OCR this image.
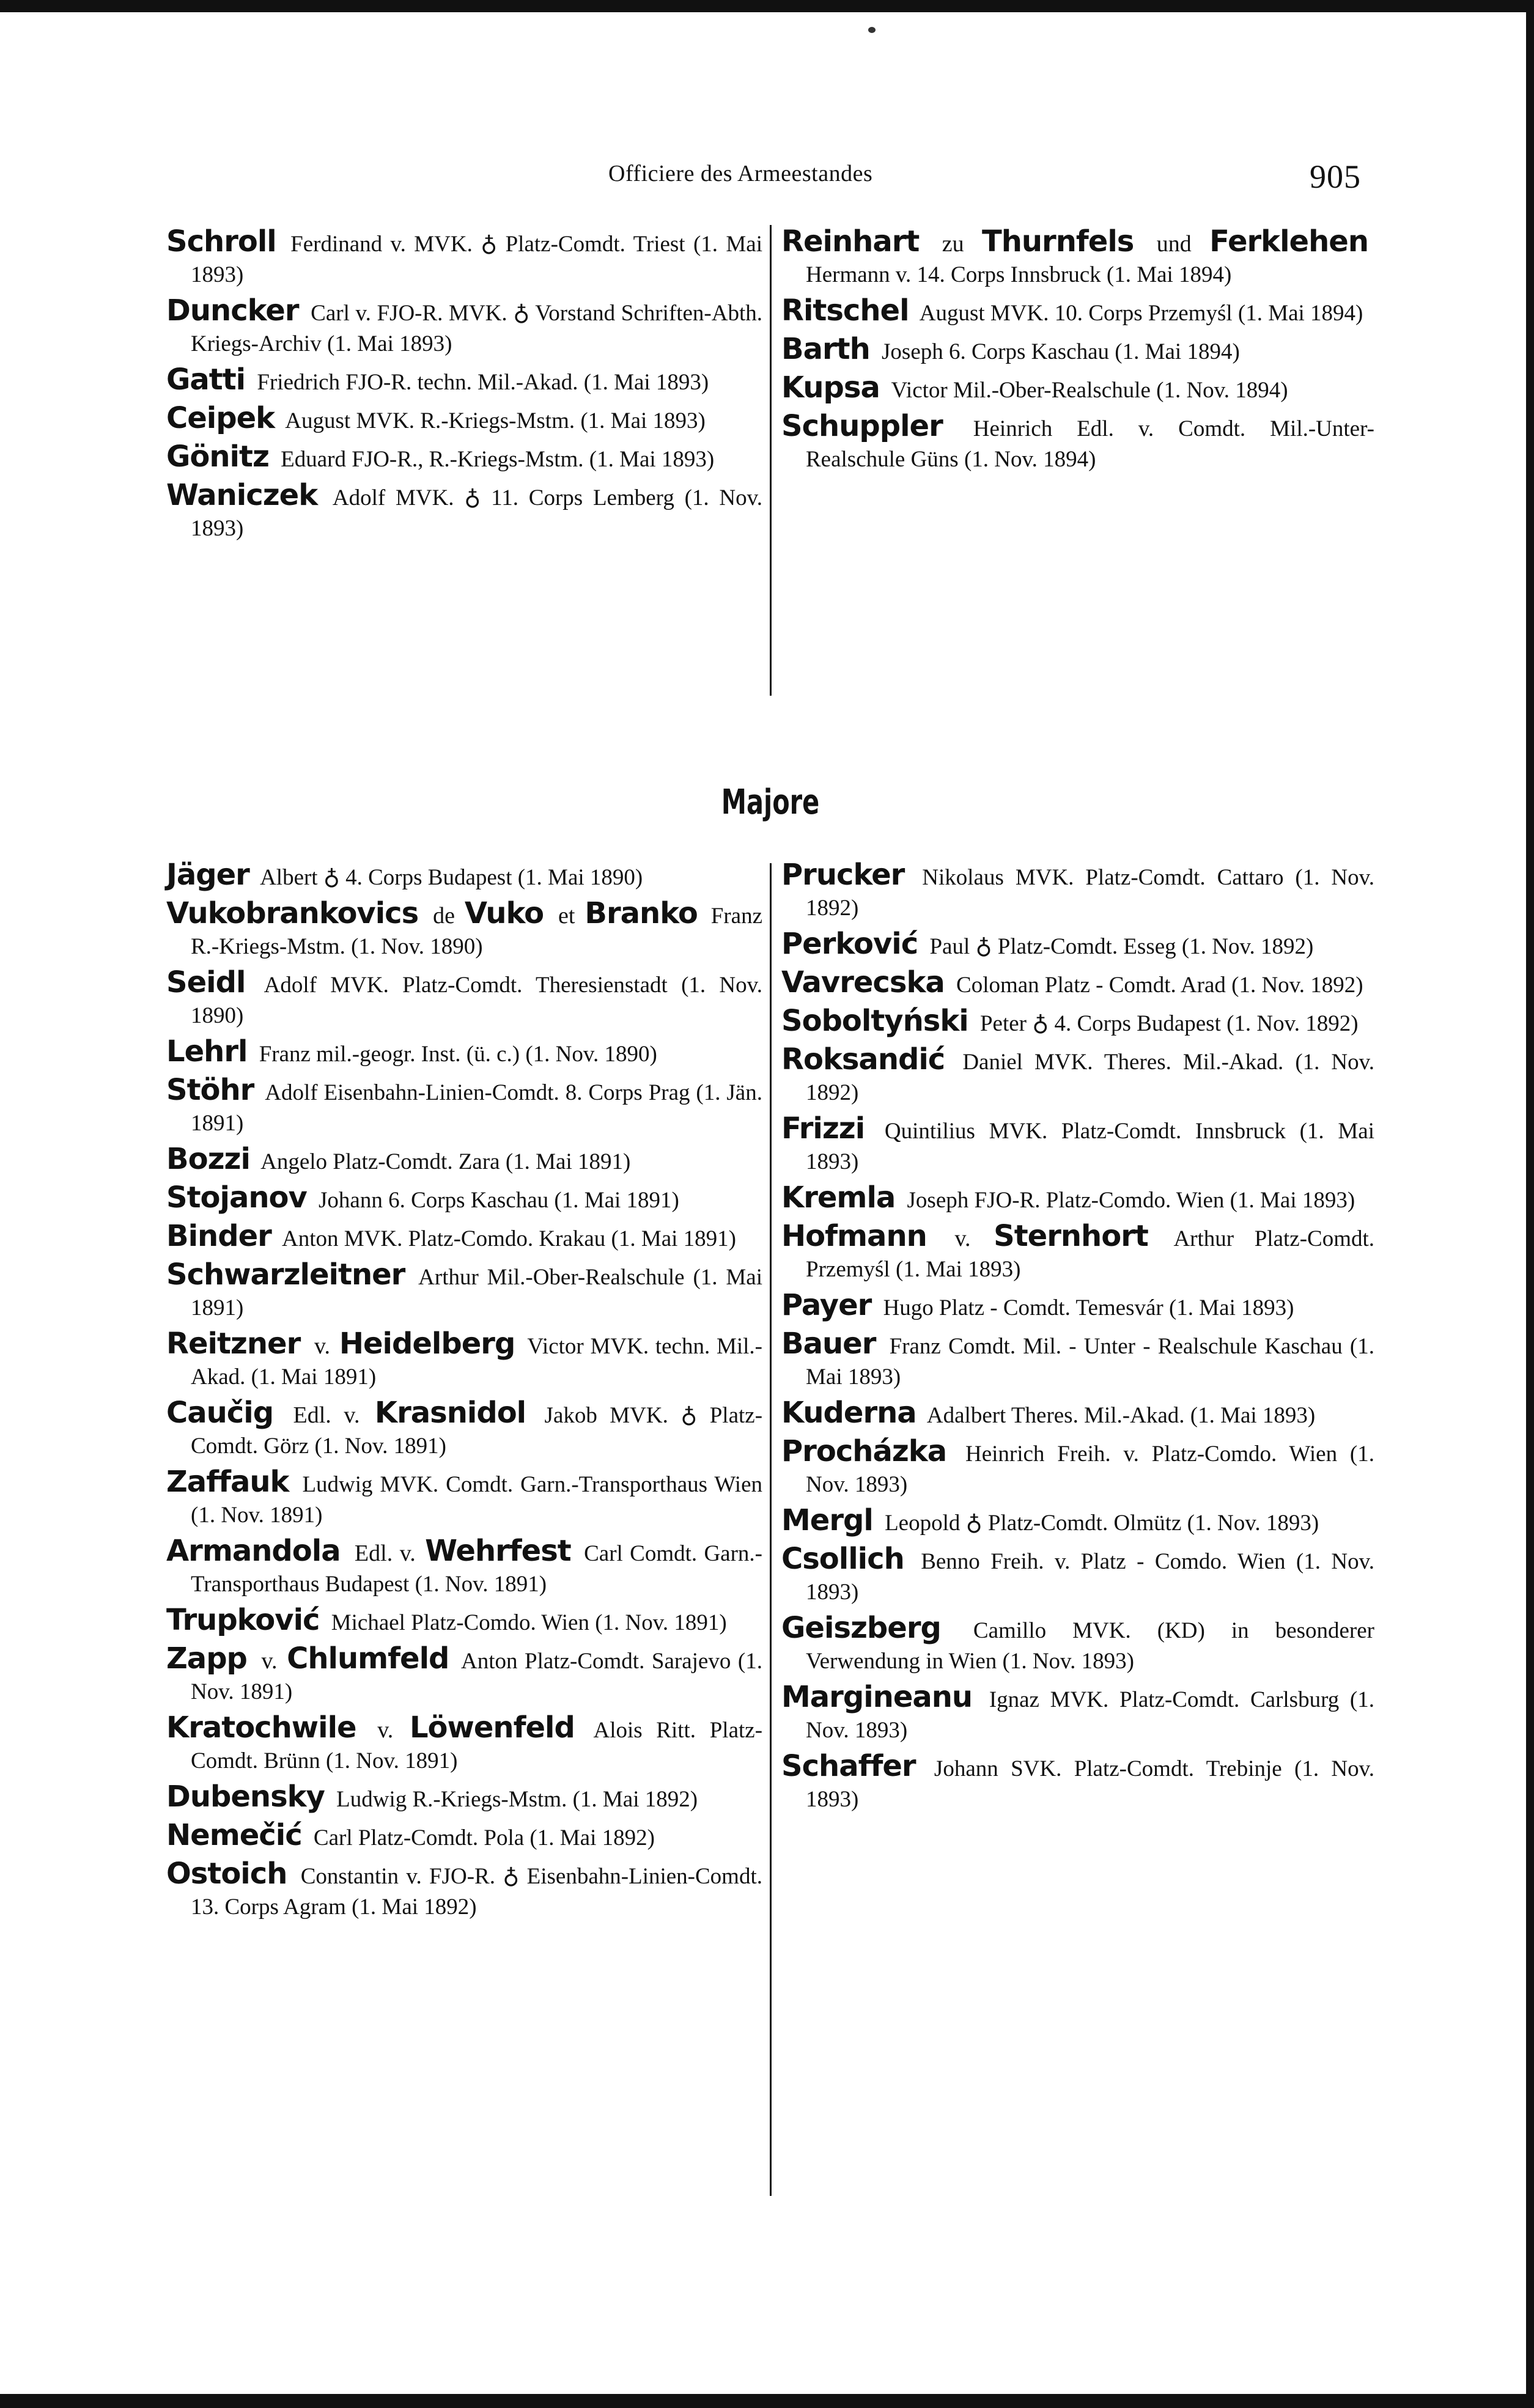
Officiere des Armeestandes	905
Majore
Schroll Ferdinand v. MVK. ♁ Platz-Comdt. Triest (1. Mai 1893)
Duncker Carl v. FJO-R. MVK. ♁ Vorstand Schriften-Abth. Kriegs-Archiv (1. Mai 1893)
Gatti Friedrich FJO-R. techn. Mil.-Akad. (1. Mai 1893)
Ceipek August MVK. R.-Kriegs-Mstm. (1. Mai 1893)
Gönitz Eduard FJO-R., R.-Kriegs-Mstm. (1. Mai 1893)
Waniczek Adolf MVK. ♁ 11. Corps Lemberg (1. Nov. 1893)
Reinhart zu Thurnfels und Ferklehen Hermann v. 14. Corps Innsbruck (1. Mai 1894)
Ritschel August MVK. 10. Corps Przemyśl (1. Mai 1894)
Barth Joseph 6. Corps Kaschau (1. Mai 1894)
Kupsa Victor Mil.-Ober-Realschule (1. Nov. 1894)
Schuppler Heinrich Edl. v. Comdt. Mil.-Unter-Realschule Güns (1. Nov. 1894)
Jäger Albert ♁ 4. Corps Budapest (1. Mai 1890)
Vukobrankovics de Vuko et Branko Franz R.-Kriegs-Mstm. (1. Nov. 1890)
Seidl Adolf MVK. Platz-Comdt. Theresienstadt (1. Nov. 1890)
Lehrl Franz mil.-geogr. Inst. (ü. c.) (1. Nov. 1890)
Stöhr Adolf Eisenbahn-Linien-Comdt. 8. Corps Prag (1. Jän. 1891)
Bozzi Angelo Platz-Comdt. Zara (1. Mai 1891)
Stojanov Johann 6. Corps Kaschau (1. Mai 1891)
Binder Anton MVK. Platz-Comdo. Krakau (1. Mai 1891)
Schwarzleitner Arthur Mil.-Ober-Realschule (1. Mai 1891)
Reitzner v. Heidelberg Victor MVK. techn. Mil.-Akad. (1. Mai 1891)
Caučig Edl. v. Krasnidol Jakob MVK. ♁ Platz-Comdt. Görz (1. Nov. 1891)
Zaffauk Ludwig MVK. Comdt. Garn.-Transporthaus Wien (1. Nov. 1891)
Armandola Edl. v. Wehrfest Carl Comdt. Garn.-Transporthaus Budapest (1. Nov. 1891)
Trupković Michael Platz-Comdo. Wien (1. Nov. 1891)
Zapp v. Chlumfeld Anton Platz-Comdt. Sarajevo (1. Nov. 1891)
Kratochwile v. Löwenfeld Alois Ritt. Platz-Comdt. Brünn (1. Nov. 1891)
Dubensky Ludwig R.-Kriegs-Mstm. (1. Mai 1892)
Nemečić Carl Platz-Comdt. Pola (1. Mai 1892)
Ostoich Constantin v. FJO-R. ♁ Eisenbahn-Linien-Comdt. 13. Corps Agram (1. Mai 1892)
Prucker Nikolaus MVK. Platz-Comdt. Cattaro (1. Nov. 1892)
Perković Paul ♁ Platz-Comdt. Esseg (1. Nov. 1892)
Vavrecska Coloman Platz - Comdt. Arad (1. Nov. 1892)
Soboltyński Peter ♁ 4. Corps Budapest (1. Nov. 1892)
Roksandić Daniel MVK. Theres. Mil.-Akad. (1. Nov. 1892)
Frizzi Quintilius MVK. Platz-Comdt. Innsbruck (1. Mai 1893)
Kremla Joseph FJO-R. Platz-Comdo. Wien (1. Mai 1893)
Hofmann v. Sternhort Arthur Platz-Comdt. Przemyśl (1. Mai 1893)
Payer Hugo Platz - Comdt. Temesvár (1. Mai 1893)
Bauer Franz Comdt. Mil. - Unter - Realschule Kaschau (1. Mai 1893)
Kuderna Adalbert Theres. Mil.-Akad. (1. Mai 1893)
Procházka Heinrich Freih. v. Platz-Comdo. Wien (1. Nov. 1893)
Mergl Leopold ♁ Platz-Comdt. Olmütz (1. Nov. 1893)
Csollich Benno Freih. v. Platz - Comdo. Wien (1. Nov. 1893)
Geiszberg Camillo MVK. (KD) in besonderer Verwendung in Wien (1. Nov. 1893)
Margineanu Ignaz MVK. Platz-Comdt. Carlsburg (1. Nov. 1893)
Schaffer Johann SVK. Platz-Comdt. Trebinje (1. Nov. 1893)
